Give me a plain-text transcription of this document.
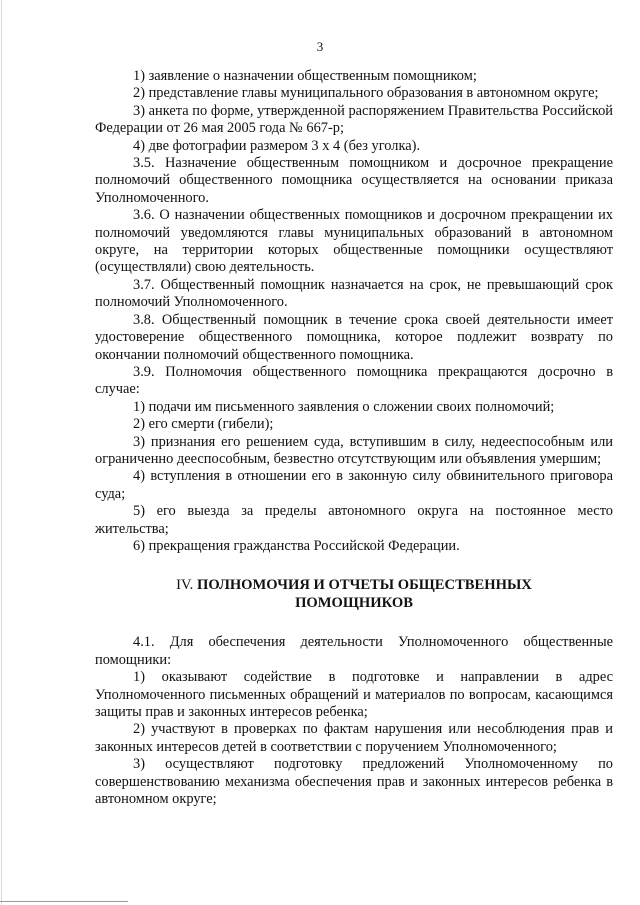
3

1) заявление о назначении общественным помощником;

2) представление главы муниципального образования в автономном округе;

3) анкета по форме, утвержденной распоряжением Правительства Российской Федерации от 26 мая 2005 года № 667-р;

4) две фотографии размером 3 х 4 (без уголка).

3.5. Назначение общественным помощником и досрочное прекращение полномочий общественного помощника осуществляется на основании приказа Уполномоченного.

3.6. О назначении общественных помощников и досрочном прекращении их полномочий уведомляются главы муниципальных образований в автономном округе, на территории которых общественные помощники осуществляют (осуществляли) свою деятельность.

3.7. Общественный помощник назначается на срок, не превышающий срок полномочий Уполномоченного.

3.8. Общественный помощник в течение срока своей деятельности имеет удостоверение общественного помощника, которое подлежит возврату по окончании полномочий общественного помощника.

3.9. Полномочия общественного помощника прекращаются досрочно в случае:

1) подачи им письменного заявления о сложении своих полномочий;

2) его смерти (гибели);

3) признания его решением суда, вступившим в силу, недееспособным или ограниченно дееспособным, безвестно отсутствующим или объявления умершим;

4) вступления в отношении его в законную силу обвинительного приговора суда;

5) его выезда за пределы автономного округа на постоянное место жительства;

6) прекращения гражданства Российской Федерации.

IV. ПОЛНОМОЧИЯ И ОТЧЕТЫ ОБЩЕСТВЕННЫХ

ПОМОЩНИКОВ

4.1. Для обеспечения деятельности Уполномоченного общественные помощники:

1) оказывают содействие в подготовке и направлении в адрес Уполномоченного письменных обращений и материалов по вопросам, касающимся защиты прав и законных интересов ребенка;

2) участвуют в проверках по фактам нарушения или несоблюдения прав и законных интересов детей в соответствии с поручением Уполномоченного;

3) осуществляют подготовку предложений Уполномоченному по совершенствованию механизма обеспечения прав и законных интересов ребенка в автономном округе;
